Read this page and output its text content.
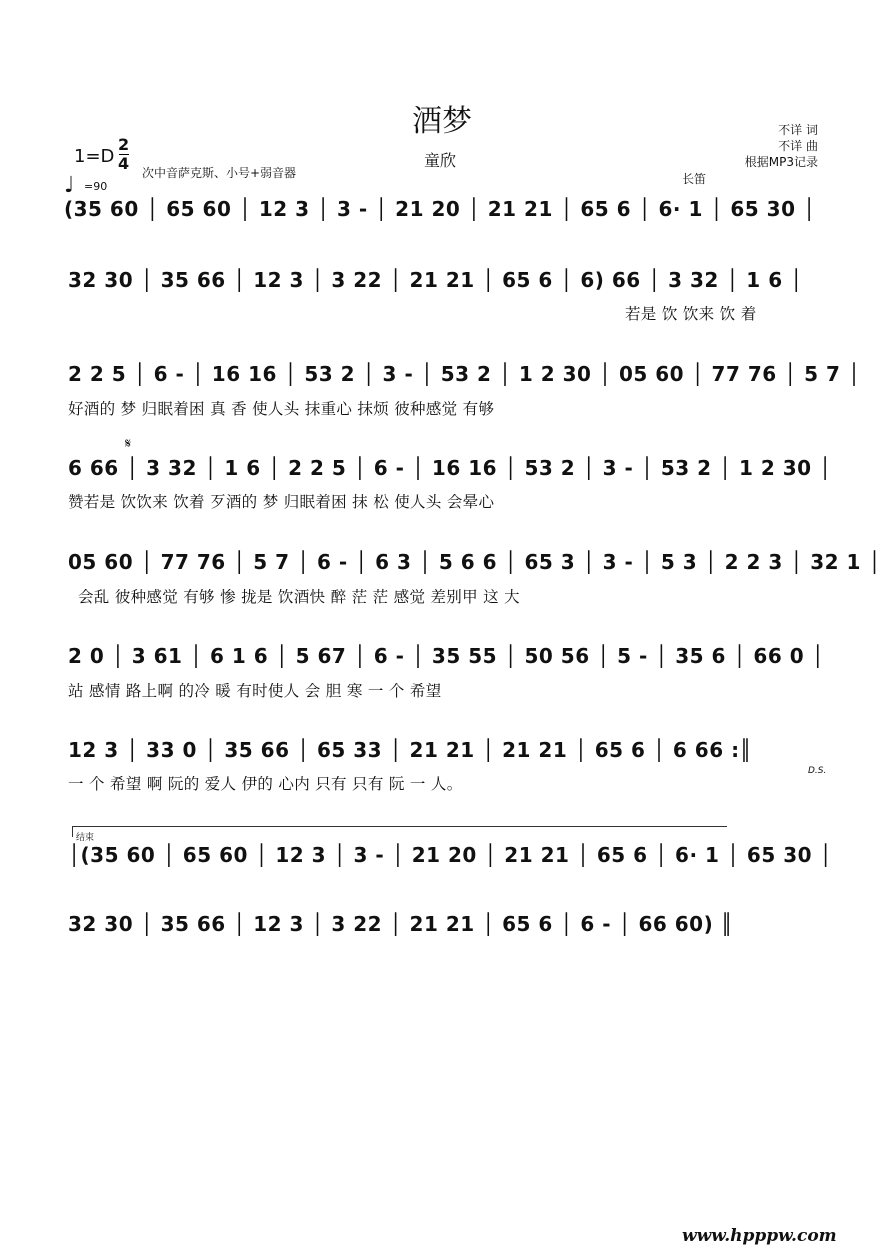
酒梦
童欣
不详 词
不详 曲
根据MP3记录
1=D
2
4 次中音萨克斯、小号+弱音器
♩ =90
长笛
(35 60 │ 65 60 │ 12 3 │ 3 - │ 21 20 │ 21 21 │ 65 6 │ 6· 1 │ 65 30 │
32 30 │ 35 66 │ 12 3 │ 3 22 │ 21 21 │ 65 6 │ 6) 66 │ 3 32 │ 1 6 │
若是 饮 饮来 饮 着
2 2 5 │ 6 - │ 16 16 │ 53 2 │ 3 - │ 53 2 │ 1 2 30 │ 05 60 │ 77 76 │ 5 7 │
好酒的 梦 归眠着困 真 香 使人头 抹重心 抹烦 彼种感觉 有够
𝄋
6 66 │ 3 32 │ 1 6 │ 2 2 5 │ 6 - │ 16 16 │ 53 2 │ 3 - │ 53 2 │ 1 2 30 │
赞若是 饮饮来 饮着 歹酒的 梦 归眠着困 抹 松 使人头 会晕心
05 60 │ 77 76 │ 5 7 │ 6 - │ 6 3 │ 5 6 6 │ 65 3 │ 3 - │ 5 3 │ 2 2 3 │ 32 1 │
会乱 彼种感觉 有够 惨 拢是 饮酒快 醉 茫 茫 感觉 差别甲 这 大
2 0 │ 3 61 │ 6 1 6 │ 5 67 │ 6 - │ 35 55 │ 50 56 │ 5 - │ 35 6 │ 66 0 │
站 感情 路上啊 的冷 暖 有时使人 会 胆 寒 一 个 希望
12 3 │ 33 0 │ 35 66 │ 65 33 │ 21 21 │ 21 21 │ 65 6 │ 6 66 :║
D.S.
一 个 希望 啊 阮的 爱人 伊的 心内 只有 只有 阮 一 人。
结束
│(35 60 │ 65 60 │ 12 3 │ 3 - │ 21 20 │ 21 21 │ 65 6 │ 6· 1 │ 65 30 │
32 30 │ 35 66 │ 12 3 │ 3 22 │ 21 21 │ 65 6 │ 6 - │ 66 60) ║
www.hpppw.com
